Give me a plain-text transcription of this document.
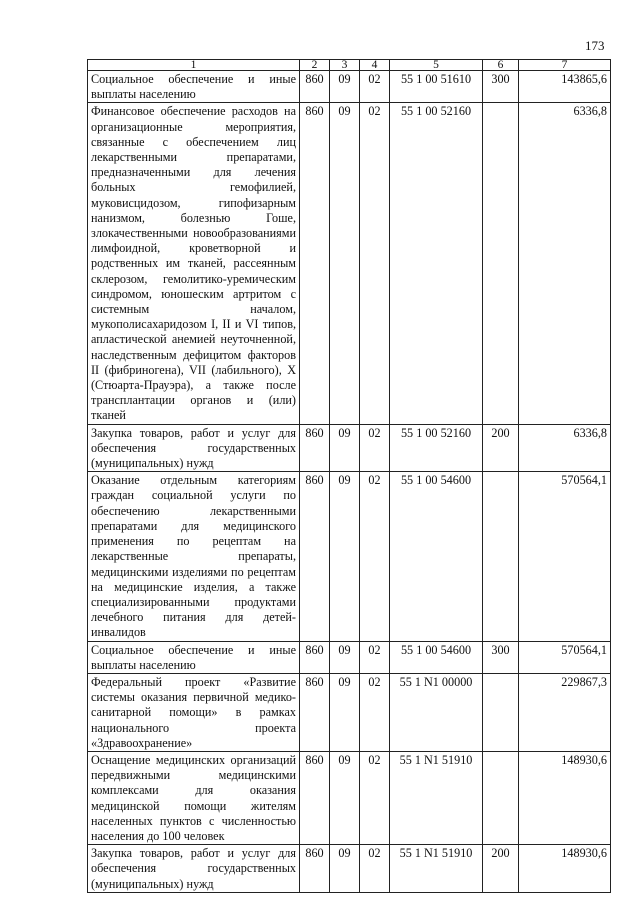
173
1	2	3	4	5	6	7
Социальное обеспечение и иные выплаты населению	860	09	02	55 1 00 51610	300	143865,6
Финансовое обеспечение расходов на организационные мероприятия, связанные с обеспечением лиц лекарственными препаратами, предназначенными для лечения больных гемофилией, муковисцидозом, гипофизарным нанизмом, болезнью Гоше, злокачественными новообразованиями лимфоидной, кроветворной и родственных им тканей, рассеянным склерозом, гемолитико-уремическим синдромом, юношеским артритом с системным началом, мукополисахаридозом I, II и VI типов, апластической анемией неуточненной, наследственным дефицитом факторов II (фибриногена), VII (лабильного), X (Стюарта-Прауэра), а также после трансплантации органов и (или) тканей	860	09	02	55 1 00 52160		6336,8
Закупка товаров, работ и услуг для обеспечения государственных (муниципальных) нужд	860	09	02	55 1 00 52160	200	6336,8
Оказание отдельным категориям граждан социальной услуги по обеспечению лекарственными препаратами для медицинского применения по рецептам на лекарственные препараты, медицинскими изделиями по рецептам на медицинские изделия, а также специализированными продуктами лечебного питания для детей-инвалидов	860	09	02	55 1 00 54600		570564,1
Социальное обеспечение и иные выплаты населению	860	09	02	55 1 00 54600	300	570564,1
Федеральный проект «Развитие системы оказания первичной медико-санитарной помощи» в рамках национального проекта «Здравоохранение»	860	09	02	55 1 N1 00000		229867,3
Оснащение медицинских организаций передвижными медицинскими комплексами для оказания медицинской помощи жителям населенных пунктов с численностью населения до 100 человек	860	09	02	55 1 N1 51910		148930,6
Закупка товаров, работ и услуг для обеспечения государственных (муниципальных) нужд	860	09	02	55 1 N1 51910	200	148930,6
